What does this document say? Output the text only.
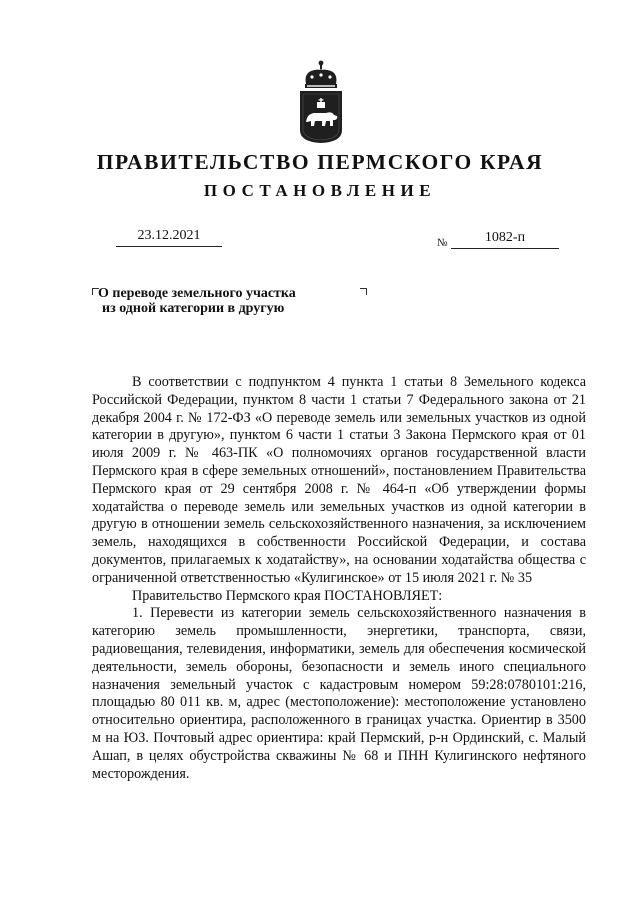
ПРАВИТЕЛЬСТВО ПЕРМСКОГО КРАЯ
ПОСТАНОВЛЕНИЕ
23.12.2021	№	1082-п
О переводе земельного участка
из одной категории в другую

В соответствии с подпунктом 4 пункта 1 статьи 8 Земельного кодекса Российской Федерации, пунктом 8 части 1 статьи 7 Федерального закона от 21 декабря 2004 г. № 172-ФЗ «О переводе земель или земельных участков из одной категории в другую», пунктом 6 части 1 статьи 3 Закона Пермского края от 01 июля 2009 г. № 463-ПК «О полномочиях органов государственной власти Пермского края в сфере земельных отношений», постановлением Правительства Пермского края от 29 сентября 2008 г. № 464-п «Об утверждении формы ходатайства о переводе земель или земельных участков из одной категории в другую в отношении земель сельскохозяйственного назначения, за исключением земель, находящихся в собственности Российской Федерации, и состава документов, прилагаемых к ходатайству», на основании ходатайства общества с ограниченной ответственностью «Кулигинское» от 15 июля 2021 г. № 35

Правительство Пермского края ПОСТАНОВЛЯЕТ:

1. Перевести из категории земель сельскохозяйственного назначения в категорию земель промышленности, энергетики, транспорта, связи, радиовещания, телевидения, информатики, земель для обеспечения космической деятельности, земель обороны, безопасности и земель иного специального назначения земельный участок с кадастровым номером 59:28:0780101:216, площадью 80 011 кв. м, адрес (местоположение): местоположение установлено относительно ориентира, расположенного в границах участка. Ориентир в 3500 м на ЮЗ. Почтовый адрес ориентира: край Пермский, р-н Ординский, с. Малый Ашап, в целях обустройства скважины № 68 и ПНН Кулигинского нефтяного месторождения.
